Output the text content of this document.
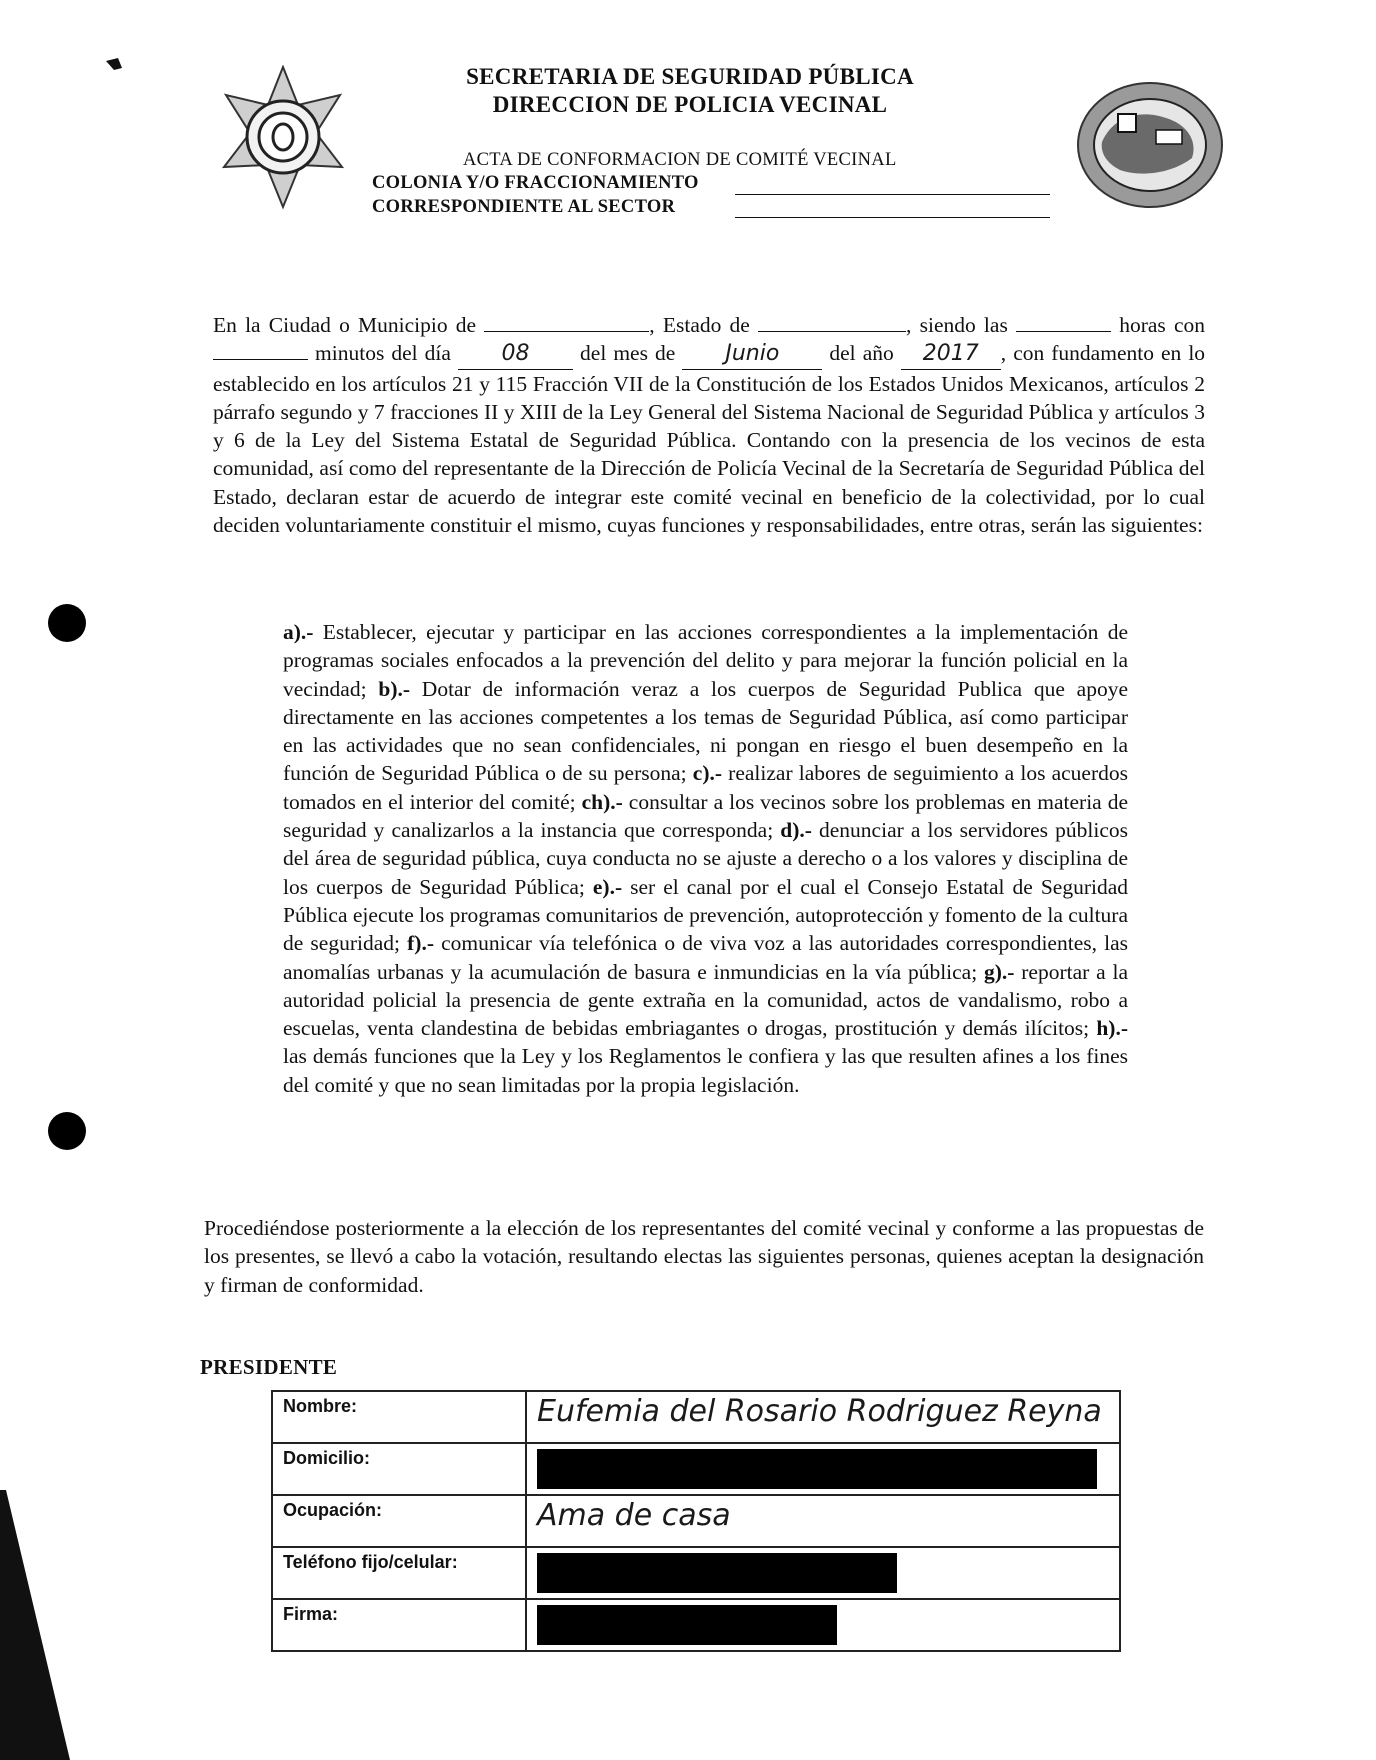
SECRETARIA DE SEGURIDAD PÚBLICA
DIRECCION DE POLICIA VECINAL
ACTA DE CONFORMACION DE COMITÉ VECINAL
COLONIA Y/O FRACCIONAMIENTO
CORRESPONDIENTE AL SECTOR

En la Ciudad o Municipio de	, Estado de	, siendo las	horas con  minutos del día 08 del mes de Junio del año 2017 , con fundamento en lo establecido en los artículos 21 y 115 Fracción VII de la Constitución de los Estados Unidos Mexicanos, artículos 2 párrafo segundo y 7 fracciones II y XIII de la Ley General del Sistema Nacional de Seguridad Pública y artículos 3 y 6 de la Ley del Sistema Estatal de Seguridad Pública. Contando con la presencia de los vecinos de esta comunidad, así como del representante de la Dirección de Policía Vecinal de la Secretaría de Seguridad Pública del Estado, declaran estar de acuerdo de integrar este comité vecinal en beneficio de la colectividad, por lo cual deciden voluntariamente constituir el mismo, cuyas funciones y responsabilidades, entre otras, serán las siguientes:

a).- Establecer, ejecutar y participar en las acciones correspondientes a la implementación de programas sociales enfocados a la prevención del delito y para mejorar la función policial en la vecindad; b).- Dotar de información veraz a los cuerpos de Seguridad Publica que apoye directamente en las acciones competentes a los temas de Seguridad Pública, así como participar en las actividades que no sean confidenciales, ni pongan en riesgo el buen desempeño en la función de Seguridad Pública o de su persona; c).- realizar labores de seguimiento a los acuerdos tomados en el interior del comité; ch).- consultar a los vecinos sobre los problemas en materia de seguridad y canalizarlos a la instancia que corresponda; d).- denunciar a los servidores públicos del área de seguridad pública, cuya conducta no se ajuste a derecho o a los valores y disciplina de los cuerpos de Seguridad Pública; e).- ser el canal por el cual el Consejo Estatal de Seguridad Pública ejecute los programas comunitarios de prevención, autoprotección y fomento de la cultura de seguridad; f).- comunicar vía telefónica o de viva voz a las autoridades correspondientes, las anomalías urbanas y la acumulación de basura e inmundicias en la vía pública; g).- reportar a la autoridad policial la presencia de gente extraña en la comunidad, actos de vandalismo, robo a escuelas, venta clandestina de bebidas embriagantes o drogas, prostitución y demás ilícitos; h).- las demás funciones que la Ley y los Reglamentos le confiera y las que resulten afines a los fines del comité y que no sean limitadas por la propia legislación.

Procediéndose posteriormente a la elección de los representantes del comité vecinal y conforme a las propuestas de los presentes, se llevó a cabo la votación, resultando electas las siguientes personas, quienes aceptan la designación y firman de conformidad.

PRESIDENTE
Nombre:	Eufemia del Rosario Rodriguez Reyna
Domicilio:	

Ocupación:	Ama de casa
Teléfono fijo/celular:	

Firma:	
